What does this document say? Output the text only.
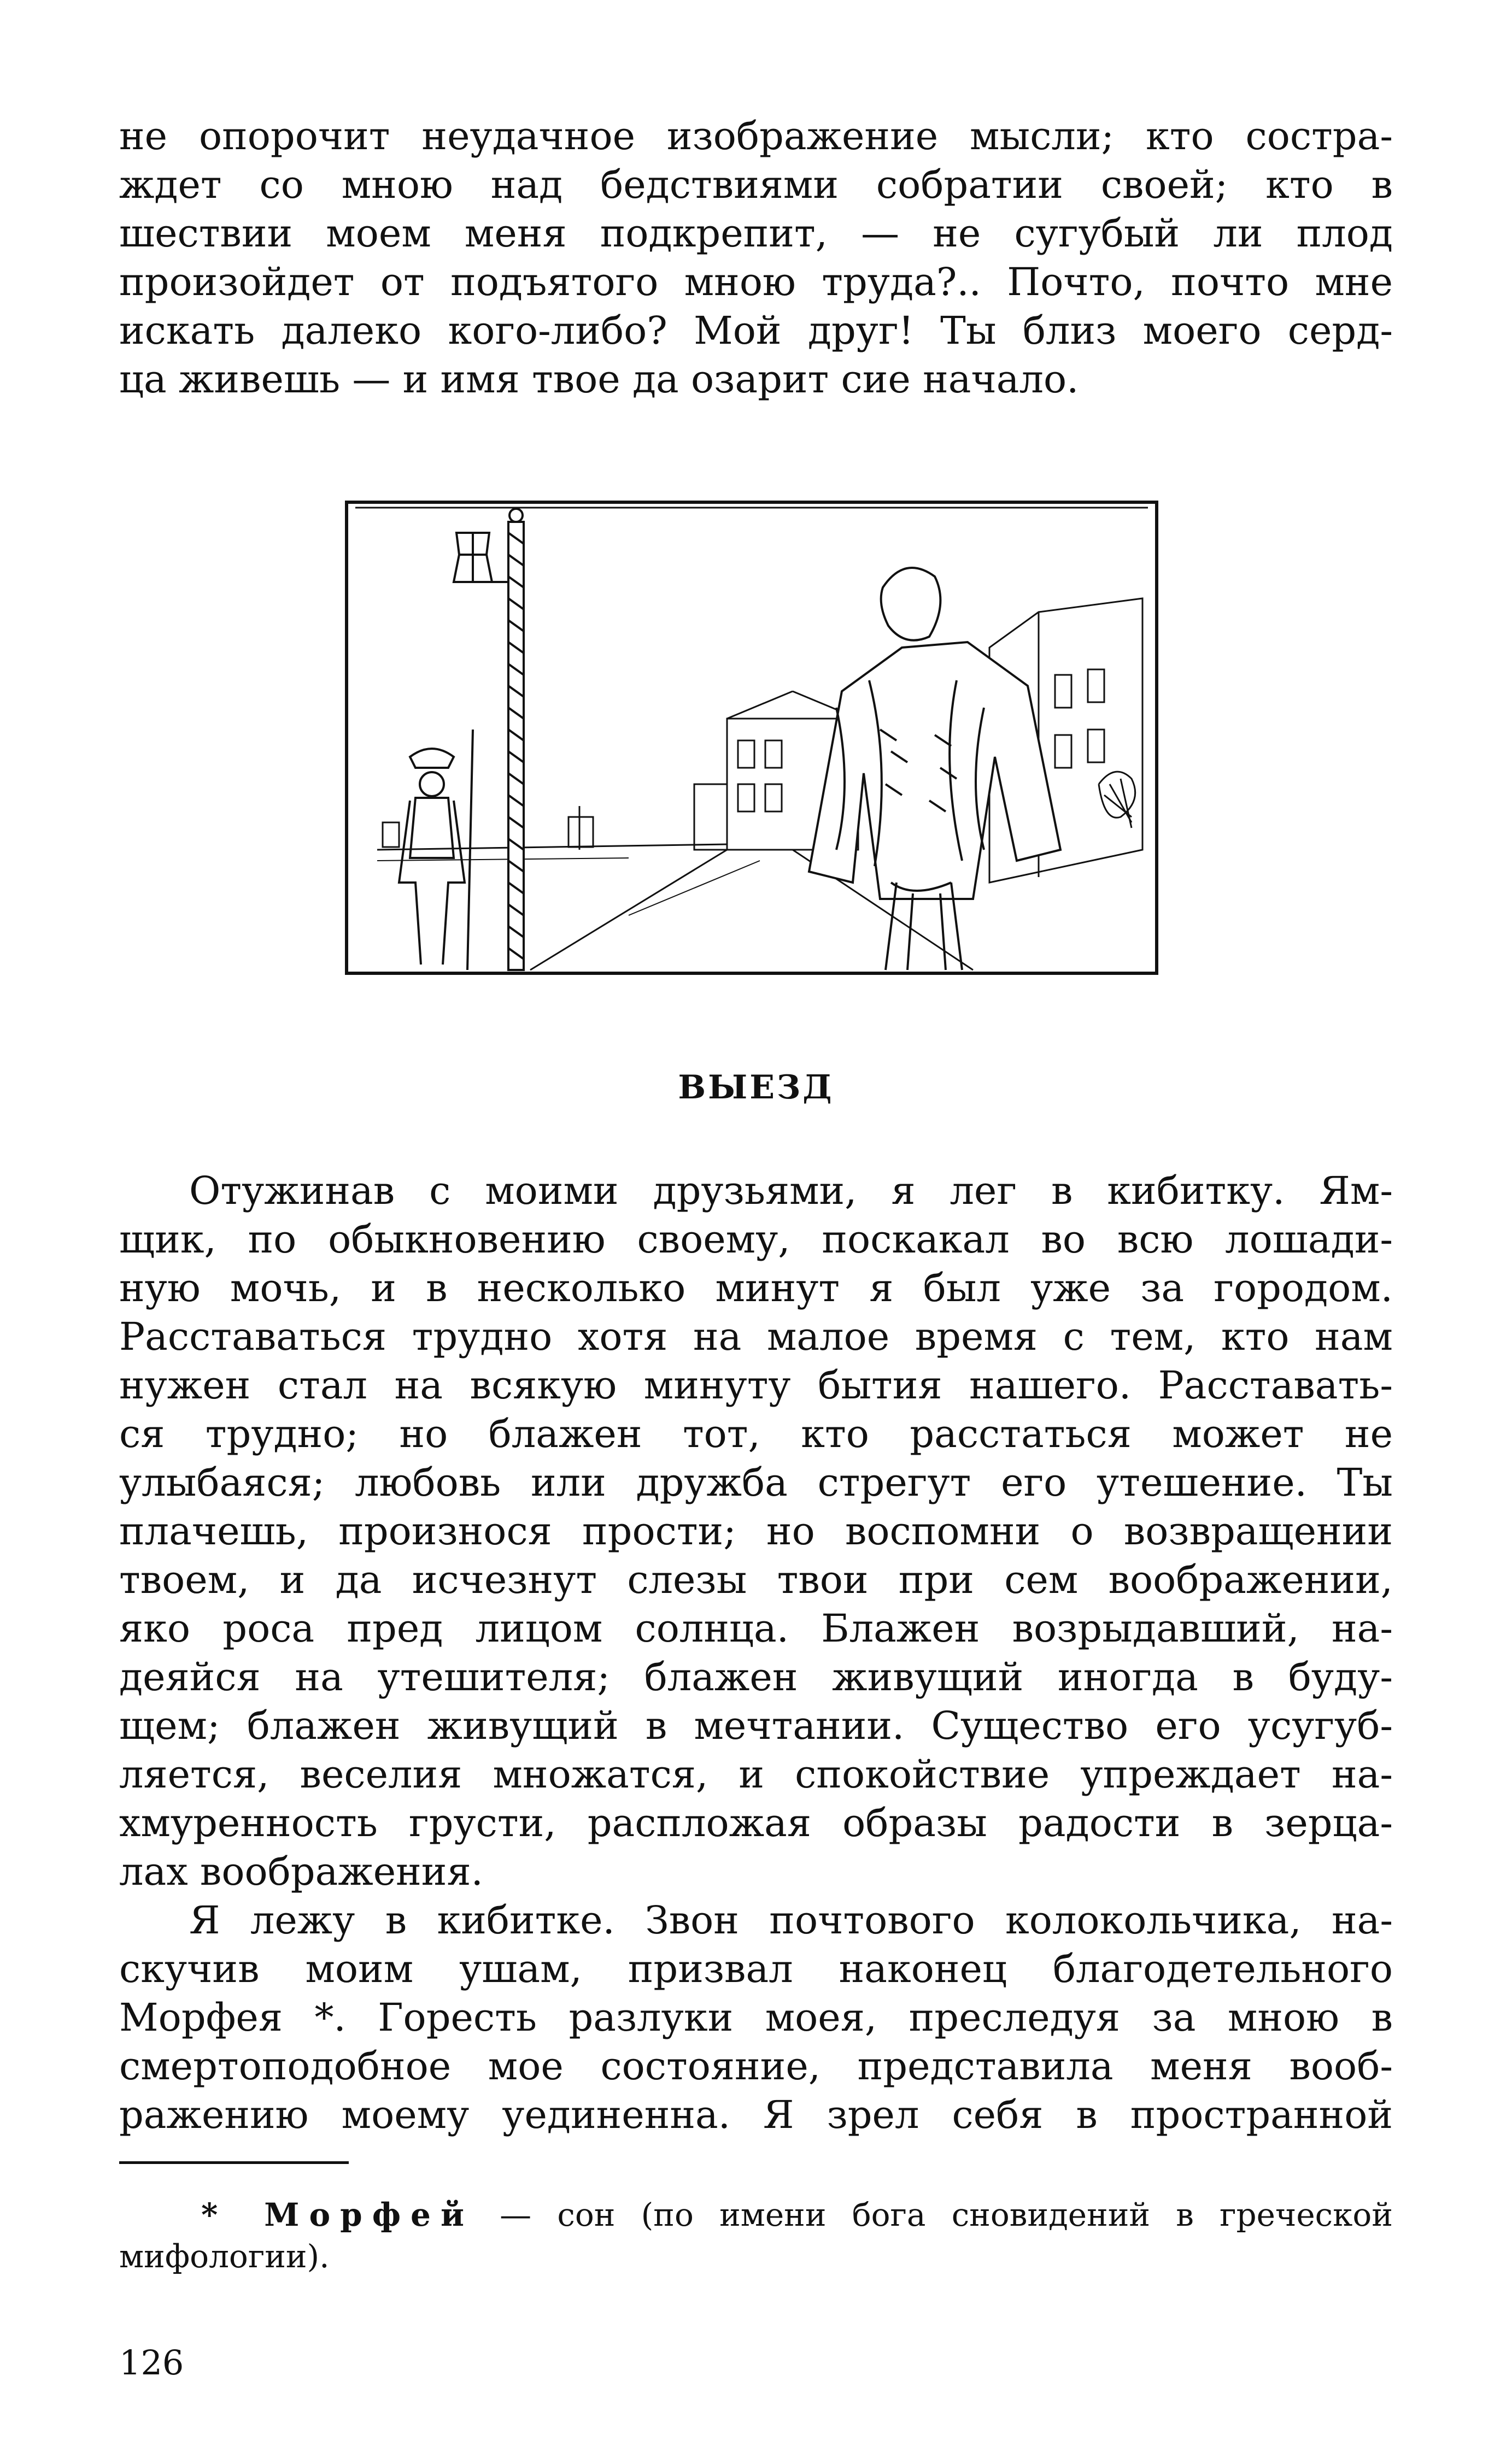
не опорочит неудачное изображение мысли; кто состра-
ждет со мною над бедствиями собратии своей; кто в
шествии моем меня подкрепит, — не сугубый ли плод
произойдет от подъятого мною труда?.. Почто, почто мне
искать далеко кого-либо? Мой друг! Ты близ моего серд-
ца живешь — и имя твое да озарит сие начало.
ВЫЕЗД
Отужинав с моими друзьями, я лег в кибитку. Ям-
щик, по обыкновению своему, поскакал во всю лошади-
ную мочь, и в несколько минут я был уже за городом.
Расставаться трудно хотя на малое время с тем, кто нам
нужен стал на всякую минуту бытия нашего. Расставать-
ся трудно; но блажен тот, кто расстаться может не
улыбаяся; любовь или дружба стрегут его утешение. Ты
плачешь, произнося прости; но воспомни о возвращении
твоем, и да исчезнут слезы твои при сем воображении,
яко роса пред лицом солнца. Блажен возрыдавший, на-
деяйся на утешителя; блажен живущий иногда в буду-
щем; блажен живущий в мечтании. Существо его усугуб-
ляется, веселия множатся, и спокойствие упреждает на-
хмуренность грусти, распложая образы радости в зерца-
лах воображения.
Я лежу в кибитке. Звон почтового колокольчика, на-
скучив моим ушам, призвал наконец благодетельного
Морфея *. Горесть разлуки моея, преследуя за мною в
смертоподобное мое состояние, представила меня вооб-
ражению моему уединенна. Я зрел себя в пространной
* Морфей — сон (по имени бога сновидений в греческой
мифологии).
126
